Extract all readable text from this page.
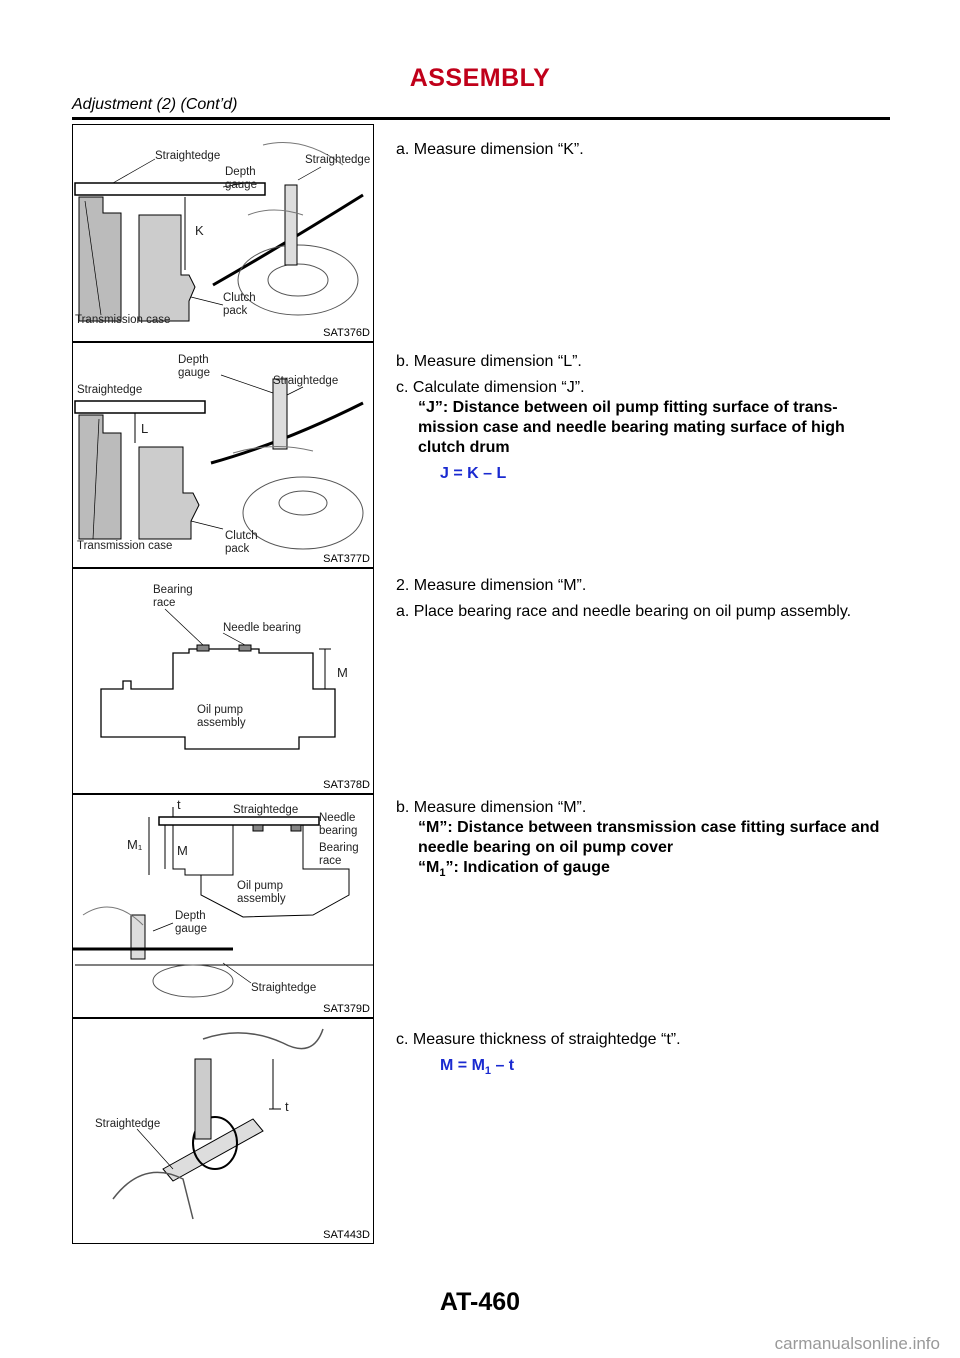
ASSEMBLY
Adjustment (2) (Cont’d)
Straightedge	Straightedge
Depth
gauge
K
Clutch
pack
Transmission case
SAT376D

a. Measure dimension “K”.

Depth
gauge
Straightedge
Straightedge
L
Transmission case
Clutch
pack
SAT377D

b. Measure dimension “L”.

c. Calculate dimension “J”.

“J”: Distance between oil pump fitting surface of trans-mission case and needle bearing mating surface of high clutch drum

J = K – L

Bearing
race
Needle bearing
M
Oil pump
assembly
SAT378D

2. Measure dimension “M”.

a. Place bearing race and needle bearing on oil pump assembly.

t	Straightedge
Needle
bearing
M₁	M	Bearing
race
Oil pump
assembly
Depth
gauge
Straightedge
SAT379D

b. Measure dimension “M”.

“M”: Distance between transmission case fitting surface and needle bearing on oil pump cover

“$M_1$”: Indication of gauge

Straightedge
t
SAT443D

c. Measure thickness of straightedge “t”.

$M = M_1 - t$

AT-460
carmanualsonline.info
